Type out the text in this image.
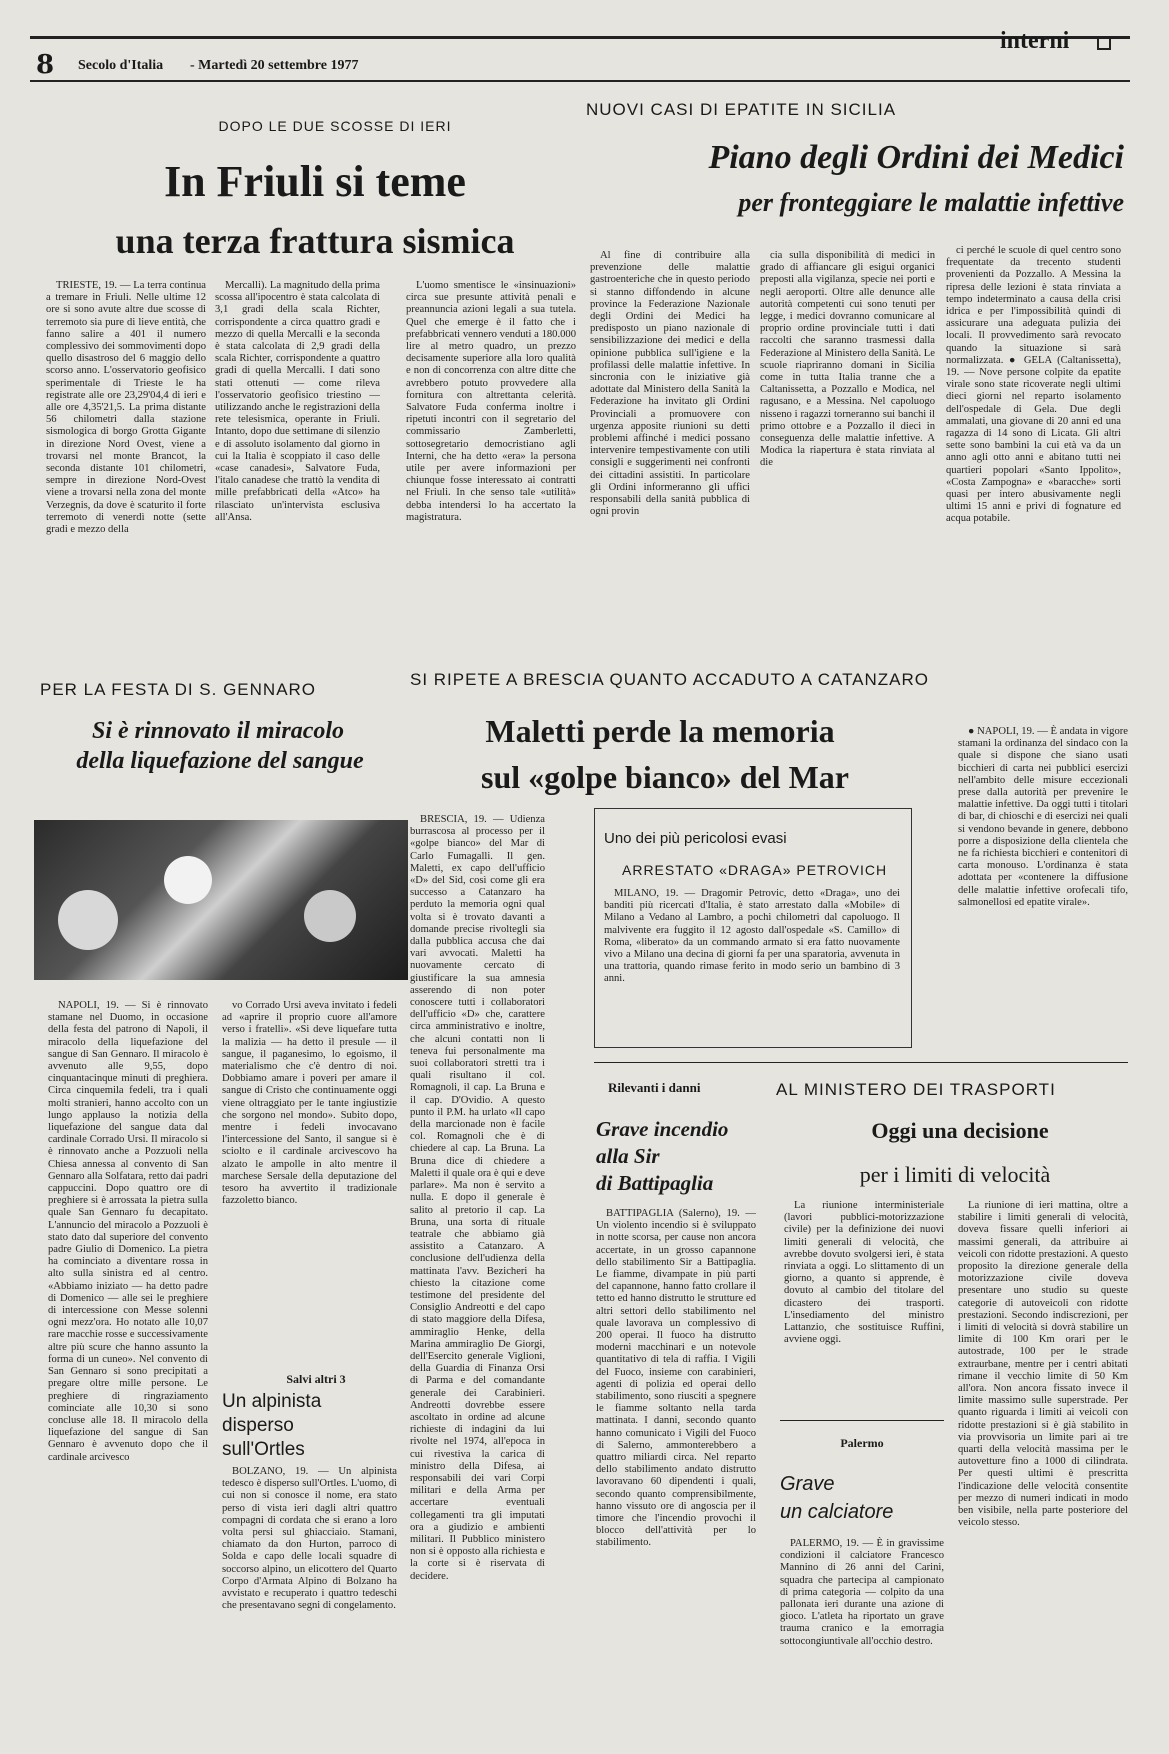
8 Secolo d'Italia - Martedì 20 settembre 1977
interni
DOPO LE DUE SCOSSE DI IERI
In Friuli si teme
una terza frattura sismica

TRIESTE, 19. — La terra continua a tremare in Friuli. Nelle ultime 12 ore si sono avute altre due scosse di terremoto sia pure di lieve entità, che fanno salire a 401 il numero complessivo dei sommovimenti dopo quello disastroso del 6 maggio dello scorso anno. L'osservatorio geofisico sperimentale di Trieste le ha registrate alle ore 23,29'04,4 di ieri e alle ore 4,35'21,5. La prima distante 56 chilometri dalla stazione sismologica di borgo Grotta Gigante in direzione Nord Ovest, viene a trovarsi nel monte Brancot, la seconda distante 101 chilometri, sempre in direzione Nord-Ovest viene a trovarsi nella zona del monte Verzegnis, da dove è scaturito il forte terremoto di venerdì notte (sette gradi e mezzo della

Mercalli). La magnitudo della prima scossa all'ipocentro è stata calcolata di 3,1 gradi della scala Richter, corrispondente a circa quattro gradi e mezzo di quella Mercalli e la seconda è stata calcolata di 2,9 gradi della scala Richter, corrispondente a quattro gradi di quella Mercalli. I dati sono stati ottenuti — come rileva l'osservatorio geofisico triestino — utilizzando anche le registrazioni della rete telesismica, operante in Friuli. Intanto, dopo due settimane di silenzio e di assoluto isolamento dal giorno in cui la Italia è scoppiato il caso delle «case canadesi», Salvatore Fuda, l'italo canadese che trattò la vendita di mille prefabbricati della «Atco» ha rilasciato un'intervista esclusiva all'Ansa.

L'uomo smentisce le «insinuazioni» circa sue presunte attività penali e preannuncia azioni legali a sua tutela. Quel che emerge è il fatto che i prefabbricati vennero venduti a 180.000 lire al metro quadro, un prezzo decisamente superiore alla loro qualità e non di concorrenza con altre ditte che avrebbero potuto provvedere alla fornitura con altrettanta celerità. Salvatore Fuda conferma inoltre i ripetuti incontri con il segretario del commissario Zamberletti, sottosegretario democristiano agli Interni, che ha detto «era» la persona utile per avere informazioni per chiunque fosse interessato ai contratti nel Friuli. In che senso tale «utilità» debba intendersi lo ha accertato la magistratura.

NUOVI CASI DI EPATITE IN SICILIA
Piano degli Ordini dei Medici
per fronteggiare le malattie infettive

Al fine di contribuire alla prevenzione delle malattie gastroenteriche che in questo periodo si stanno diffondendo in alcune province la Federazione Nazionale degli Ordini dei Medici ha predisposto un piano nazionale di sensibilizzazione dei medici e della opinione pubblica sull'igiene e la profilassi delle malattie infettive. In sincronia con le iniziative già adottate dal Ministero della Sanità la Federazione ha invitato gli Ordini Provinciali a promuovere con urgenza apposite riunioni su detti problemi affinché i medici possano intervenire tempestivamente con utili consigli e suggerimenti nei confronti dei cittadini assistiti. In particolare gli Ordini informeranno gli uffici responsabili della sanità pubblica di ogni provin

cia sulla disponibilità di medici in grado di affiancare gli esigui organici preposti alla vigilanza, specie nei porti e negli aeroporti. Oltre alle denunce alle autorità competenti cui sono tenuti per legge, i medici dovranno comunicare al proprio ordine provinciale tutti i dati raccolti che saranno trasmessi dalla Federazione al Ministero della Sanità. Le scuole riapriranno domani in Sicilia come in tutta Italia tranne che a Caltanissetta, a Pozzallo e Modica, nel ragusano, e a Messina. Nel capoluogo nisseno i ragazzi torneranno sui banchi il primo ottobre e a Pozzallo il dieci in conseguenza delle malattie infettive. A Modica la riapertura è stata rinviata al die

ci perché le scuole di quel centro sono frequentate da trecento studenti provenienti da Pozzallo. A Messina la ripresa delle lezioni è stata rinviata a tempo indeterminato a causa della crisi idrica e per l'impossibilità quindi di assicurare una adeguata pulizia dei locali. Il provvedimento sarà revocato quando la situazione si sarà normalizzata. ● GELA (Caltanissetta), 19. — Nove persone colpite da epatite virale sono state ricoverate negli ultimi dieci giorni nel reparto isolamento dell'ospedale di Gela. Due degli ammalati, una giovane di 20 anni ed una ragazza di 14 sono di Licata. Gli altri sette sono bambini la cui età va da un anno agli otto anni e abitano tutti nei quartieri popolari «Santo Ippolito», «Costa Zampogna» e «baracche» sorti quasi per intero abusivamente negli ultimi 15 anni e privi di fognature ed acqua potabile.

● NAPOLI, 19. — È andata in vigore stamani la ordinanza del sindaco con la quale si dispone che siano usati bicchieri di carta nei pubblici esercizi nell'ambito delle misure eccezionali prese dalla autorità per prevenire le malattie infettive. Da oggi tutti i titolari di bar, di chioschi e di esercizi nei quali si vendono bevande in genere, debbono porre a disposizione della clientela che ne fa richiesta bicchieri e contenitori di carta monouso. L'ordinanza è stata adottata per «contenere la diffusione delle malattie infettive orofecali tifo, salmonellosi ed epatite virale».

PER LA FESTA DI S. GENNARO
Si è rinnovato il miracolo
della liquefazione del sangue

NAPOLI, 19. — Si è rinnovato stamane nel Duomo, in occasione della festa del patrono di Napoli, il miracolo della liquefazione del sangue di San Gennaro. Il miracolo è avvenuto alle 9,55, dopo cinquantacinque minuti di preghiera. Circa cinquemila fedeli, tra i quali molti stranieri, hanno accolto con un lungo applauso la notizia della liquefazione del sangue data dal cardinale Corrado Ursi. Il miracolo si è rinnovato anche a Pozzuoli nella Chiesa annessa al convento di San Gennaro alla Solfatara, retto dai padri cappuccini. Dopo quattro ore di preghiere si è arrossata la pietra sulla quale San Gennaro fu decapitato. L'annuncio del miracolo a Pozzuoli è stato dato dal superiore del convento padre Giulio di Domenico. La pietra ha cominciato a diventare rossa in alto sulla sinistra ed al centro. «Abbiamo iniziato — ha detto padre di Domenico — alle sei le preghiere di intercessione con Messe solenni ogni mezz'ora. Ho notato alle 10,07 rare macchie rosse e successivamente altre più scure che hanno assunto la forma di un cuneo». Nel convento di San Gennaro si sono precipitati a pregare oltre mille persone. Le preghiere di ringraziamento cominciate alle 10,30 si sono concluse alle 18. Il miracolo della liquefazione del sangue di San Gennaro è avvenuto dopo che il cardinale arcivesco

vo Corrado Ursi aveva invitato i fedeli ad «aprire il proprio cuore all'amore verso i fratelli». «Si deve liquefare tutta la malizia — ha detto il presule — il sangue, il paganesimo, lo egoismo, il materialismo che c'è dentro di noi. Dobbiamo amare i poveri per amare il sangue di Cristo che continuamente oggi viene oltraggiato per le tante ingiustizie che sorgono nel mondo». Subito dopo, mentre i fedeli invocavano l'intercessione del Santo, il sangue si è sciolto e il cardinale arcivescovo ha alzato le ampolle in alto mentre il marchese Sersale della deputazione del tesoro ha avvertito il tradizionale fazzoletto bianco.

Salvi altri 3
Un alpinista
disperso
sull'Ortles

BOLZANO, 19. — Un alpinista tedesco è disperso sull'Ortles. L'uomo, di cui non si conosce il nome, era stato perso di vista ieri dagli altri quattro compagni di cordata che si erano a loro volta persi sul ghiacciaio. Stamani, chiamato da don Hurton, parroco di Solda e capo delle locali squadre di soccorso alpino, un elicottero del Quarto Corpo d'Armata Alpino di Bolzano ha avvistato e recuperato i quattro tedeschi che presentavano segni di congelamento.

SI RIPETE A BRESCIA QUANTO ACCADUTO A CATANZARO
Maletti perde la memoria
sul «golpe bianco» del Mar

BRESCIA, 19. — Udienza burrascosa al processo per il «golpe bianco» del Mar di Carlo Fumagalli. Il gen. Maletti, ex capo dell'ufficio «D» del Sid, così come gli era successo a Catanzaro ha perduto la memoria ogni qual volta si è trovato davanti a domande precise rivoltegli sia dalla pubblica accusa che dai vari avvocati. Maletti ha nuovamente cercato di giustificare la sua amnesia asserendo di non poter conoscere tutti i collaboratori dell'ufficio «D» che, carattere circa amministrativo e inoltre, che alcuni contatti non li teneva fui personalmente ma suoi collaboratori stretti tra i quali risultano il col. Romagnoli, il cap. La Bruna e il cap. D'Ovidio. A questo punto il P.M. ha urlato «Il capo della marcionade non è facile col. Romagnoli che è di chiedere al cap. La Bruna. La Bruna dice di chiedere a Maletti il quale ora è qui e deve parlare». Ma non è servito a nulla. E dopo il generale è salito al pretorio il cap. La Bruna, una sorta di rituale teatrale che abbiamo già assistito a Catanzaro. A conclusione dell'udienza della mattinata l'avv. Bezicheri ha chiesto la citazione come testimone del presidente del Consiglio Andreotti e del capo di stato maggiore della Difesa, ammiraglio Henke, della Marina ammiraglio De Giorgi, dell'Esercito generale Viglioni, della Guardia di Finanza Orsi di Parma e del comandante generale dei Carabinieri. Andreotti dovrebbe essere ascoltato in ordine ad alcune richieste di indagini da lui rivolte nel 1974, all'epoca in cui rivestiva la carica di ministro della Difesa, ai responsabili dei vari Corpi militari e della Arma per accertare eventuali collegamenti tra gli imputati ora a giudizio e ambienti militari. Il Pubblico ministero non si è opposto alla richiesta e la corte si è riservata di decidere.

Uno dei più pericolosi evasi
ARRESTATO «DRAGA» PETROVICH

MILANO, 19. — Dragomir Petrovic, detto «Draga», uno dei banditi più ricercati d'Italia, è stato arrestato dalla «Mobile» di Milano a Vedano al Lambro, a pochi chilometri dal capoluogo. Il malvivente era fuggito il 12 agosto dall'ospedale «S. Camillo» di Roma, «liberato» da un commando armato si era fatto nuovamente vivo a Milano una decina di giorni fa per una sparatoria, avvenuta in una trattoria, quando rimase ferito in modo serio un bambino di 3 anni.

Rilevanti i danni
Grave incendio
alla Sir
di Battipaglia

BATTIPAGLIA (Salerno), 19. — Un violento incendio si è sviluppato in notte scorsa, per cause non ancora accertate, in un grosso capannone dello stabilimento Sir a Battipaglia. Le fiamme, divampate in più parti del capannone, hanno fatto crollare il tetto ed hanno distrutto le strutture ed altri settori dello stabilimento nel quale lavorava un complessivo di 200 operai. Il fuoco ha distrutto moderni macchinari e un notevole quantitativo di tela di raffia. I Vigili del Fuoco, insieme con carabinieri, agenti di polizia ed operai dello stabilimento, sono riusciti a spegnere le fiamme soltanto nella tarda mattinata. I danni, secondo quanto hanno comunicato i Vigili del Fuoco di Salerno, ammonterebbero a quattro miliardi circa. Nel reparto dello stabilimento andato distrutto lavoravano 60 dipendenti i quali, secondo quanto comprensibilmente, hanno vissuto ore di angoscia per il timore che l'incendio provochi il blocco dell'attività per lo stabilimento.

AL MINISTERO DEI TRASPORTI
Oggi una decisione
per i limiti di velocità

La riunione interministeriale (lavori pubblici-motorizzazione civile) per la definizione dei nuovi limiti generali di velocità, che avrebbe dovuto svolgersi ieri, è stata rinviata a oggi. Lo slittamento di un giorno, a quanto si apprende, è dovuto al cambio del titolare del dicastero dei trasporti. L'insediamento del ministro Lattanzio, che sostituisce Ruffini, avviene oggi.

La riunione di ieri mattina, oltre a stabilire i limiti generali di velocità, doveva fissare quelli inferiori ai massimi generali, da attribuire ai veicoli con ridotte prestazioni. A questo proposito la direzione generale della motorizzazione civile doveva presentare uno studio su queste categorie di autoveicoli con ridotte prestazioni. Secondo indiscrezioni, per i limiti di velocità si dovrà stabilire un limite di 100 Km orari per le autostrade, 100 per le strade extraurbane, mentre per i centri abitati rimane il vecchio limite di 50 Km all'ora. Non ancora fissato invece il limite massimo sulle superstrade. Per quanto riguarda i limiti ai veicoli con ridotte prestazioni si è già stabilito in via provvisoria un limite pari ai tre quarti della velocità massima per le autovetture fino a 1000 di cilindrata. Per questi ultimi è prescritta l'indicazione delle velocità consentite per mezzo di numeri indicati in modo ben visibile, nella parte posteriore del veicolo stesso.

Palermo
Grave
un calciatore

PALERMO, 19. — È in gravissime condizioni il calciatore Francesco Mannino di 26 anni del Carini, squadra che partecipa al campionato di prima categoria — colpito da una pallonata ieri durante una azione di gioco. L'atleta ha riportato un grave trauma cranico e la emorragia sottocongiuntivale all'occhio destro.
